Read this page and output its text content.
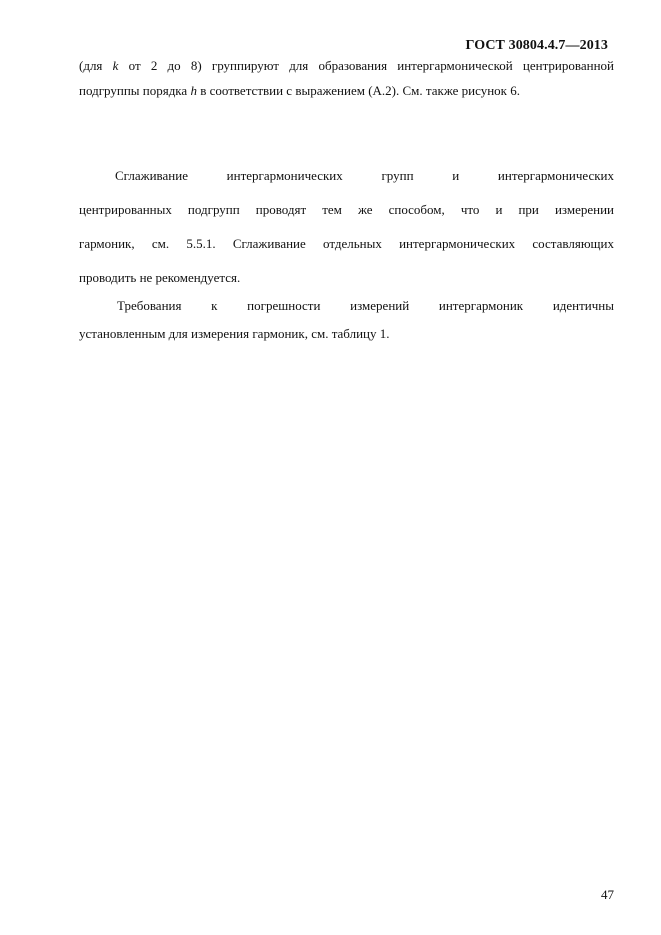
ГОСТ 30804.4.7—2013
(для k от 2 до 8) группируют для образования интергармонической центрированной
подгруппы порядка h в соответствии с выражением (А.2). См. также рисунок 6.
Сглаживание интергармонических групп и интергармонических
центрированных подгрупп проводят тем же способом, что и при измерении
гармоник, см. 5.5.1. Сглаживание отдельных интергармонических составляющих
проводить не рекомендуется.
Требования к погрешности измерений интергармоник идентичны
установленным для измерения гармоник, см. таблицу 1.
47
